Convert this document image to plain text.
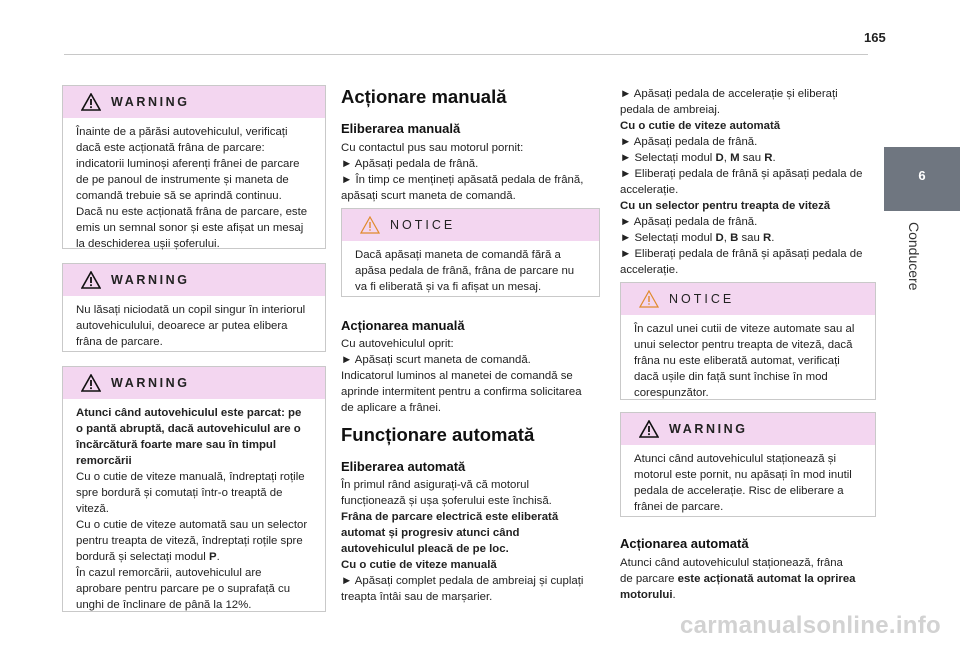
165
6
Conducere
WARNING

Înainte de a părăsi autovehiculul, verificați

dacă este acționată frâna de parcare:

indicatorii luminoși aferenți frânei de parcare

de pe panoul de instrumente și maneta de

comandă trebuie să se aprindă continuu.

Dacă nu este acționată frâna de parcare, este

emis un semnal sonor și este afișat un mesaj

la deschiderea ușii șoferului.

WARNING

Nu lăsați niciodată un copil singur în interiorul

autovehiculului, deoarece ar putea elibera

frâna de parcare.

WARNING

Atunci când autovehiculul este parcat: pe

o pantă abruptă, dacă autovehiculul are o

încărcătură foarte mare sau în timpul

remorcării

Cu o cutie de viteze manuală, îndreptați roțile

spre bordură și comutați într-o treaptă de

viteză.

Cu o cutie de viteze automată sau un selector

pentru treapta de viteză, îndreptați roțile spre

bordură și selectați modul P.

În cazul remorcării, autovehiculul are

aprobare pentru parcare pe o suprafață cu

unghi de înclinare de până la 12%.

Acționare manuală
Eliberarea manuală

Cu contactul pus sau motorul pornit:

► Apăsați pedala de frână.

► În timp ce mențineți apăsată pedala de frână,

apăsați scurt maneta de comandă.

NOTICE

Dacă apăsați maneta de comandă fără a

apăsa pedala de frână, frâna de parcare nu

va fi eliberată și va fi afișat un mesaj.

Acționarea manuală

Cu autovehiculul oprit:

► Apăsați scurt maneta de comandă.

Indicatorul luminos al manetei de comandă se

aprinde intermitent pentru a confirma solicitarea

de aplicare a frânei.

Funcționare automată
Eliberarea automată

În primul rând asigurați-vă că motorul

funcționează și ușa șoferului este închisă.

Frâna de parcare electrică este eliberată

automat și progresiv atunci când

autovehiculul pleacă de pe loc.

Cu o cutie de viteze manuală

► Apăsați complet pedala de ambreiaj și cuplați

treapta întâi sau de marșarier.

► Apăsați pedala de accelerație și eliberați

pedala de ambreiaj.

Cu o cutie de viteze automată

► Apăsați pedala de frână.

► Selectați modul D, M sau R.

► Eliberați pedala de frână și apăsați pedala de

accelerație.

Cu un selector pentru treapta de viteză

► Apăsați pedala de frână.

► Selectați modul D, B sau R.

► Eliberați pedala de frână și apăsați pedala de

accelerație.

NOTICE

În cazul unei cutii de viteze automate sau al

unui selector pentru treapta de viteză, dacă

frâna nu este eliberată automat, verificați

dacă ușile din față sunt închise în mod

corespunzător.

WARNING

Atunci când autovehiculul staționează și

motorul este pornit, nu apăsați în mod inutil

pedala de accelerație. Risc de eliberare a

frânei de parcare.

Acționarea automată

Atunci când autovehiculul staționează, frâna

de parcare este acționată automat la oprirea

motorului.

carmanualsonline.info
